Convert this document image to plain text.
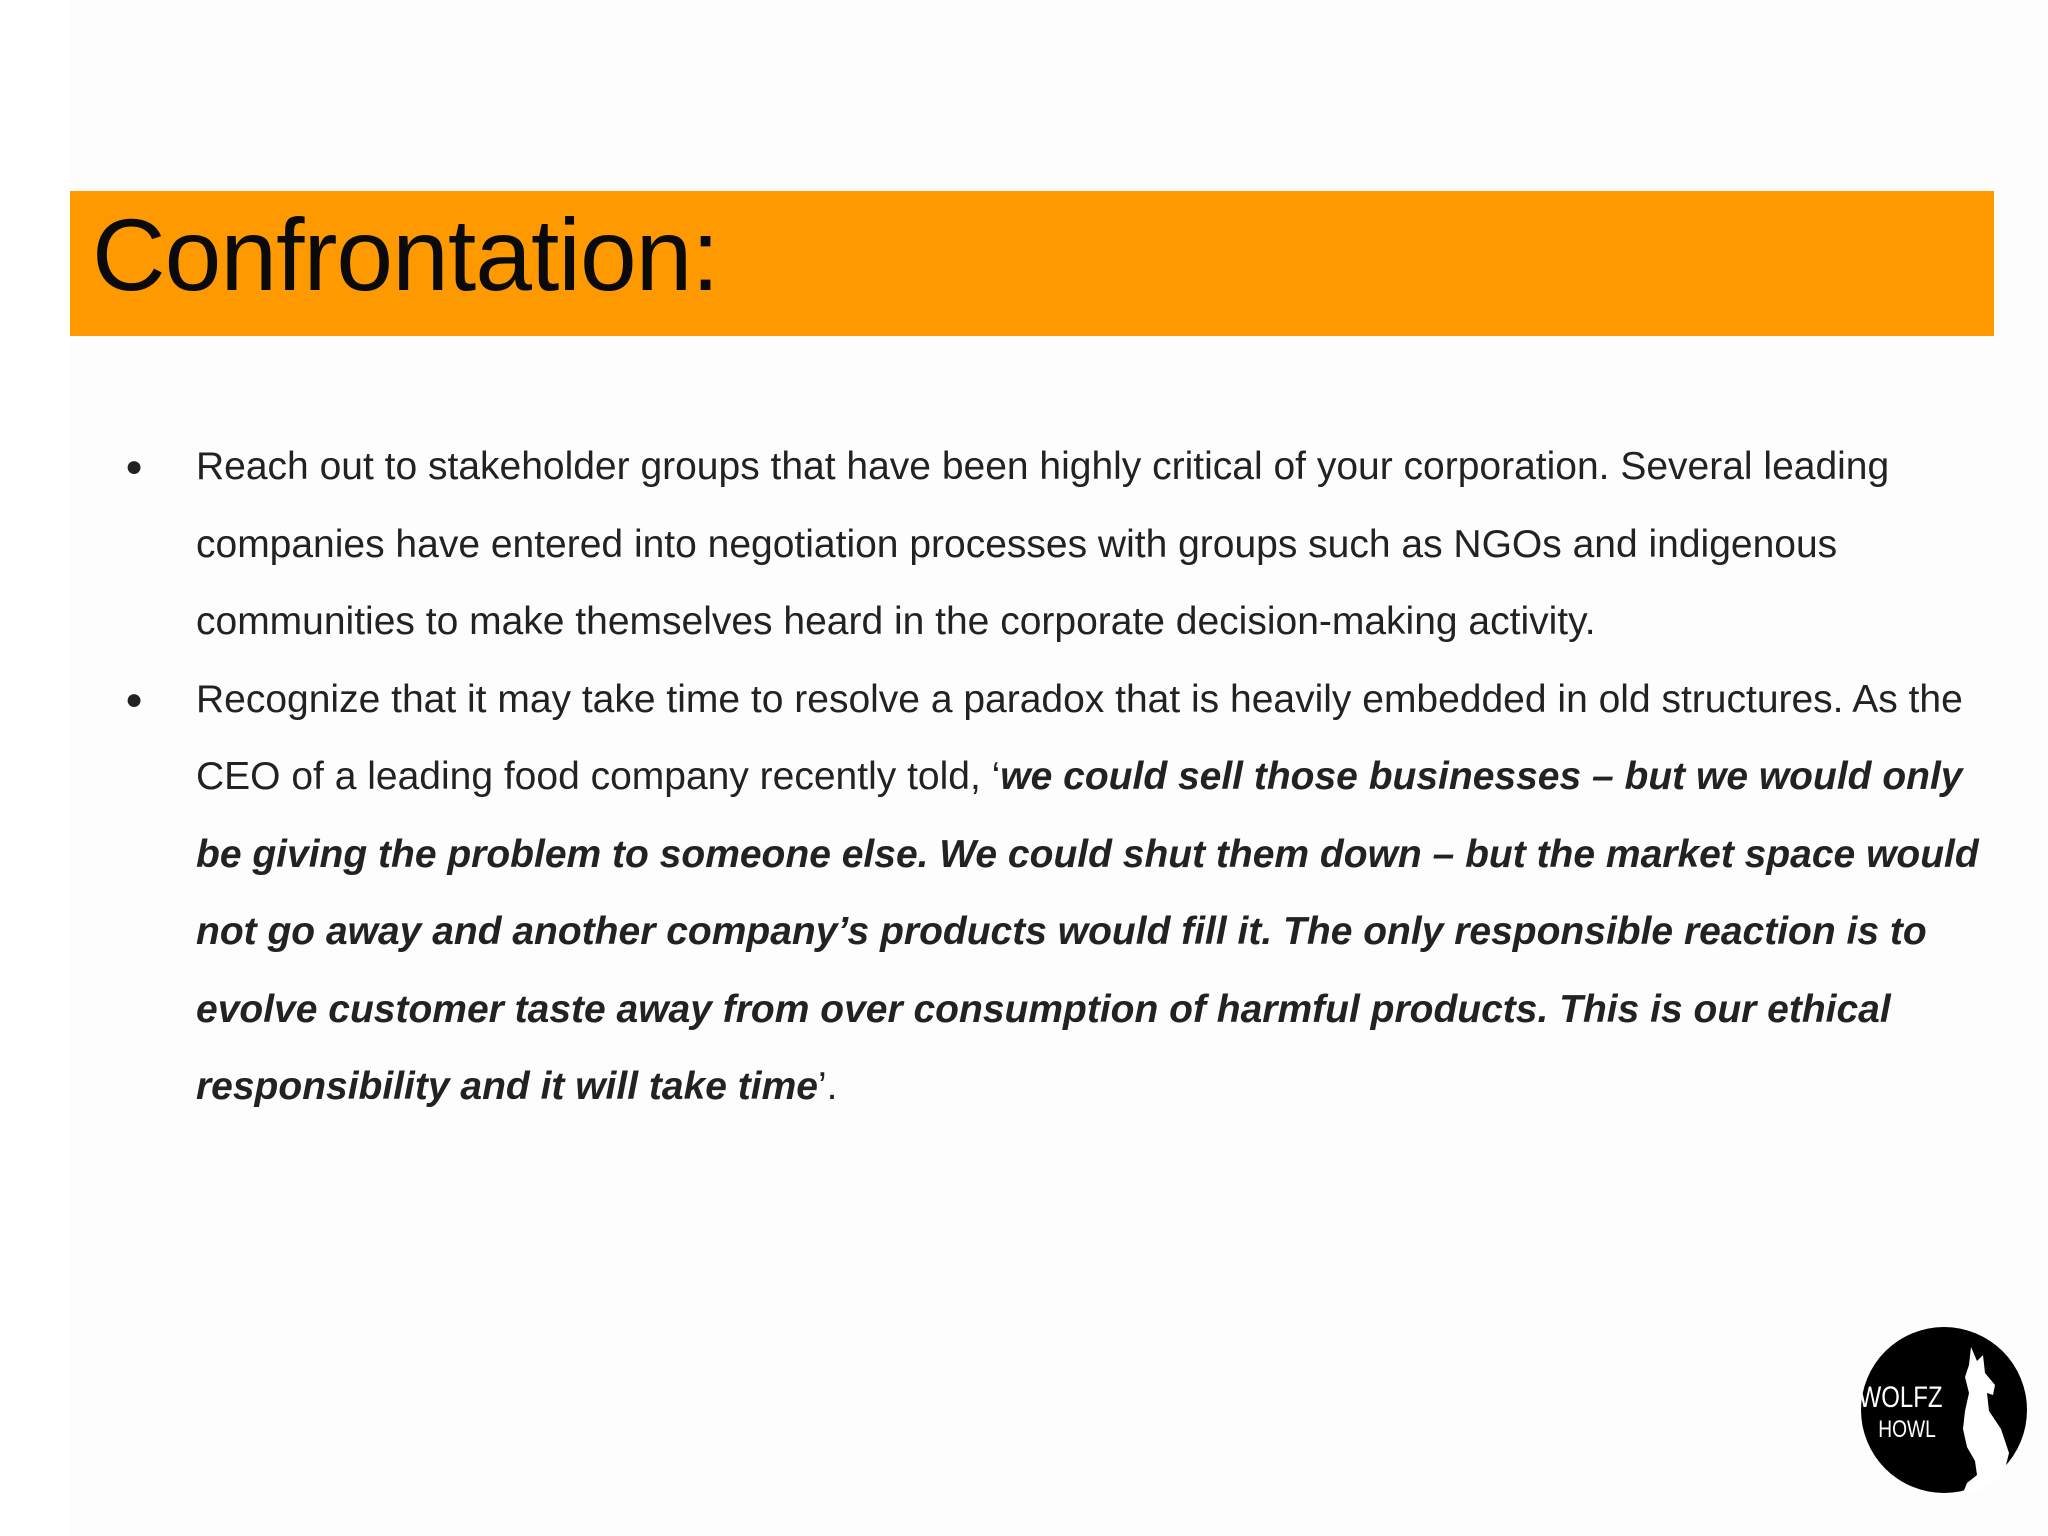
Confrontation:
● Reach out to stakeholder groups that have been highly critical of your corporation. Several leading companies have entered into negotiation processes with groups such as NGOs and indigenous communities to make themselves heard in the corporate decision-making activity.
● Recognize that it may take time to resolve a paradox that is heavily embedded in old structures. As the CEO of a leading food company recently told, ‘we could sell those businesses – but we would only be giving the problem to someone else. We could shut them down – but the market space would not go away and another company’s products would fill it. The only responsible reaction is to evolve customer taste away from over consumption of harmful products. This is our ethical responsibility and it will take time’.
WOLFZ
HOWL
